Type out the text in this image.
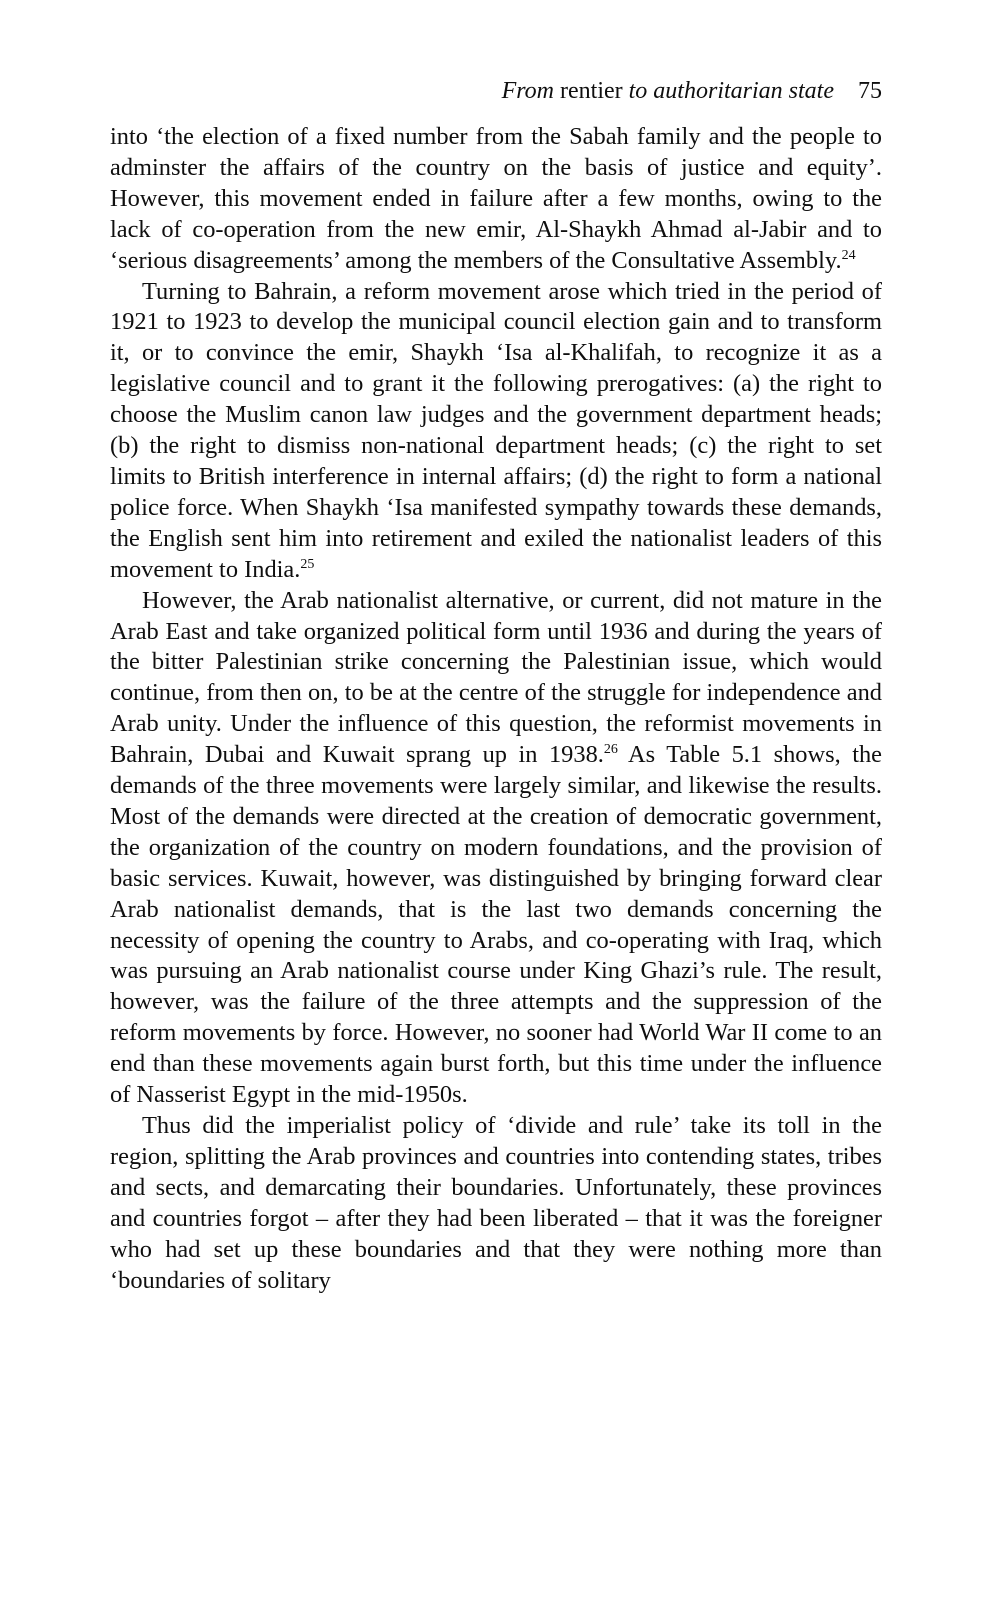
From rentier to authoritarian state 75

into ‘the election of a fixed number from the Sabah family and the people to adminster the affairs of the country on the basis of justice and equity’. However, this movement ended in failure after a few months, owing to the lack of co-operation from the new emir, Al-Shaykh Ahmad al-Jabir and to ‘serious disagreements’ among the members of the Consultative Assembly.$^{24}$

Turning to Bahrain, a reform movement arose which tried in the period of 1921 to 1923 to develop the municipal council election gain and to transform it, or to convince the emir, Shaykh ‘Isa al-Khalifah, to recognize it as a legislative council and to grant it the following prerogatives: (a) the right to choose the Muslim canon law judges and the government department heads; (b) the right to dismiss non-national department heads; (c) the right to set limits to British interference in internal affairs; (d) the right to form a national police force. When Shaykh ‘Isa manifested sympathy towards these demands, the English sent him into retirement and exiled the nationalist leaders of this movement to India.$^{25}$

However, the Arab nationalist alternative, or current, did not mature in the Arab East and take organized political form until 1936 and during the years of the bitter Palestinian strike concerning the Palestinian issue, which would continue, from then on, to be at the centre of the struggle for independence and Arab unity. Under the influence of this question, the reformist movements in Bahrain, Dubai and Kuwait sprang up in 1938.26 As Table 5.1 shows, the demands of the three movements were largely similar, and likewise the results. Most of the demands were directed at the creation of democratic government, the organization of the country on modern foundations, and the provision of basic services. Kuwait, however, was distinguished by bringing forward clear Arab nationalist demands, that is the last two demands concerning the necessity of opening the country to Arabs, and co-operating with Iraq, which was pursuing an Arab nationalist course under King Ghazi’s rule. The result, however, was the failure of the three attempts and the suppression of the reform movements by force. However, no sooner had World War II come to an end than these movements again burst forth, but this time under the influence of Nasserist Egypt in the mid-1950s.

Thus did the imperialist policy of ‘divide and rule’ take its toll in the region, splitting the Arab provinces and countries into contending states, tribes and sects, and demarcating their boundaries. Unfortunately, these provinces and countries forgot – after they had been liberated – that it was the foreigner who had set up these boundaries and that they were nothing more than ‘boundaries of solitary
